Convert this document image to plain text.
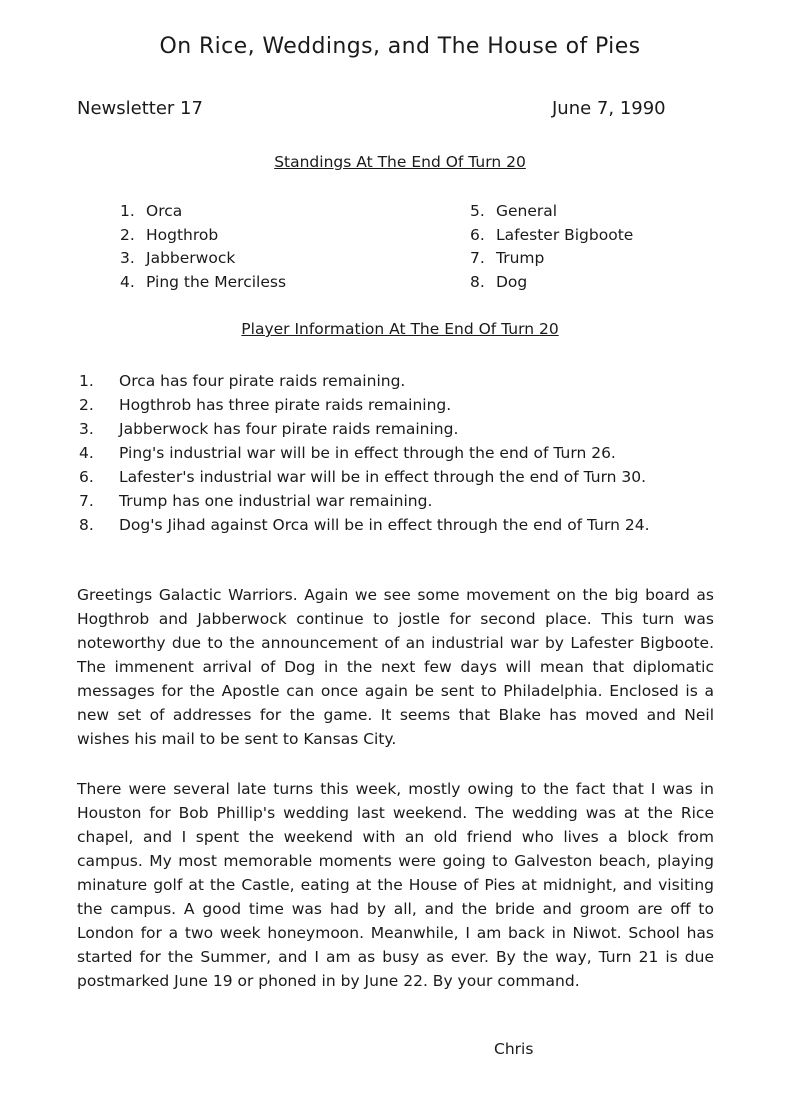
On Rice, Weddings, and The House of Pies
Newsletter 17	June 7, 1990
Standings At The End Of Turn 20
1. Orca
2. Hogthrob
3. Jabberwock
4. Ping the Merciless
5. General
6. Lafester Bigboote
7. Trump
8. Dog
Player Information At The End Of Turn 20
1. Orca has four pirate raids remaining.
2. Hogthrob has three pirate raids remaining.
3. Jabberwock has four pirate raids remaining.
4. Ping's industrial war will be in effect through the end of Turn 26.
6. Lafester's industrial war will be in effect through the end of Turn 30.
7. Trump has one industrial war remaining.
8. Dog's Jihad against Orca will be in effect through the end of Turn 24.

Greetings Galactic Warriors. Again we see some movement on the big board as Hogthrob and Jabberwock continue to jostle for second place. This turn was noteworthy due to the announcement of an industrial war by Lafester Bigboote. The immenent arrival of Dog in the next few days will mean that diplomatic messages for the Apostle can once again be sent to Philadelphia. Enclosed is a new set of addresses for the game. It seems that Blake has moved and Neil wishes his mail to be sent to Kansas City.

There were several late turns this week, mostly owing to the fact that I was in Houston for Bob Phillip's wedding last weekend. The wedding was at the Rice chapel, and I spent the weekend with an old friend who lives a block from campus. My most memorable moments were going to Galveston beach, playing minature golf at the Castle, eating at the House of Pies at midnight, and visiting the campus. A good time was had by all, and the bride and groom are off to London for a two week honeymoon. Meanwhile, I am back in Niwot. School has started for the Summer, and I am as busy as ever. By the way, Turn 21 is due postmarked June 19 or phoned in by June 22. By your command.

Chris
